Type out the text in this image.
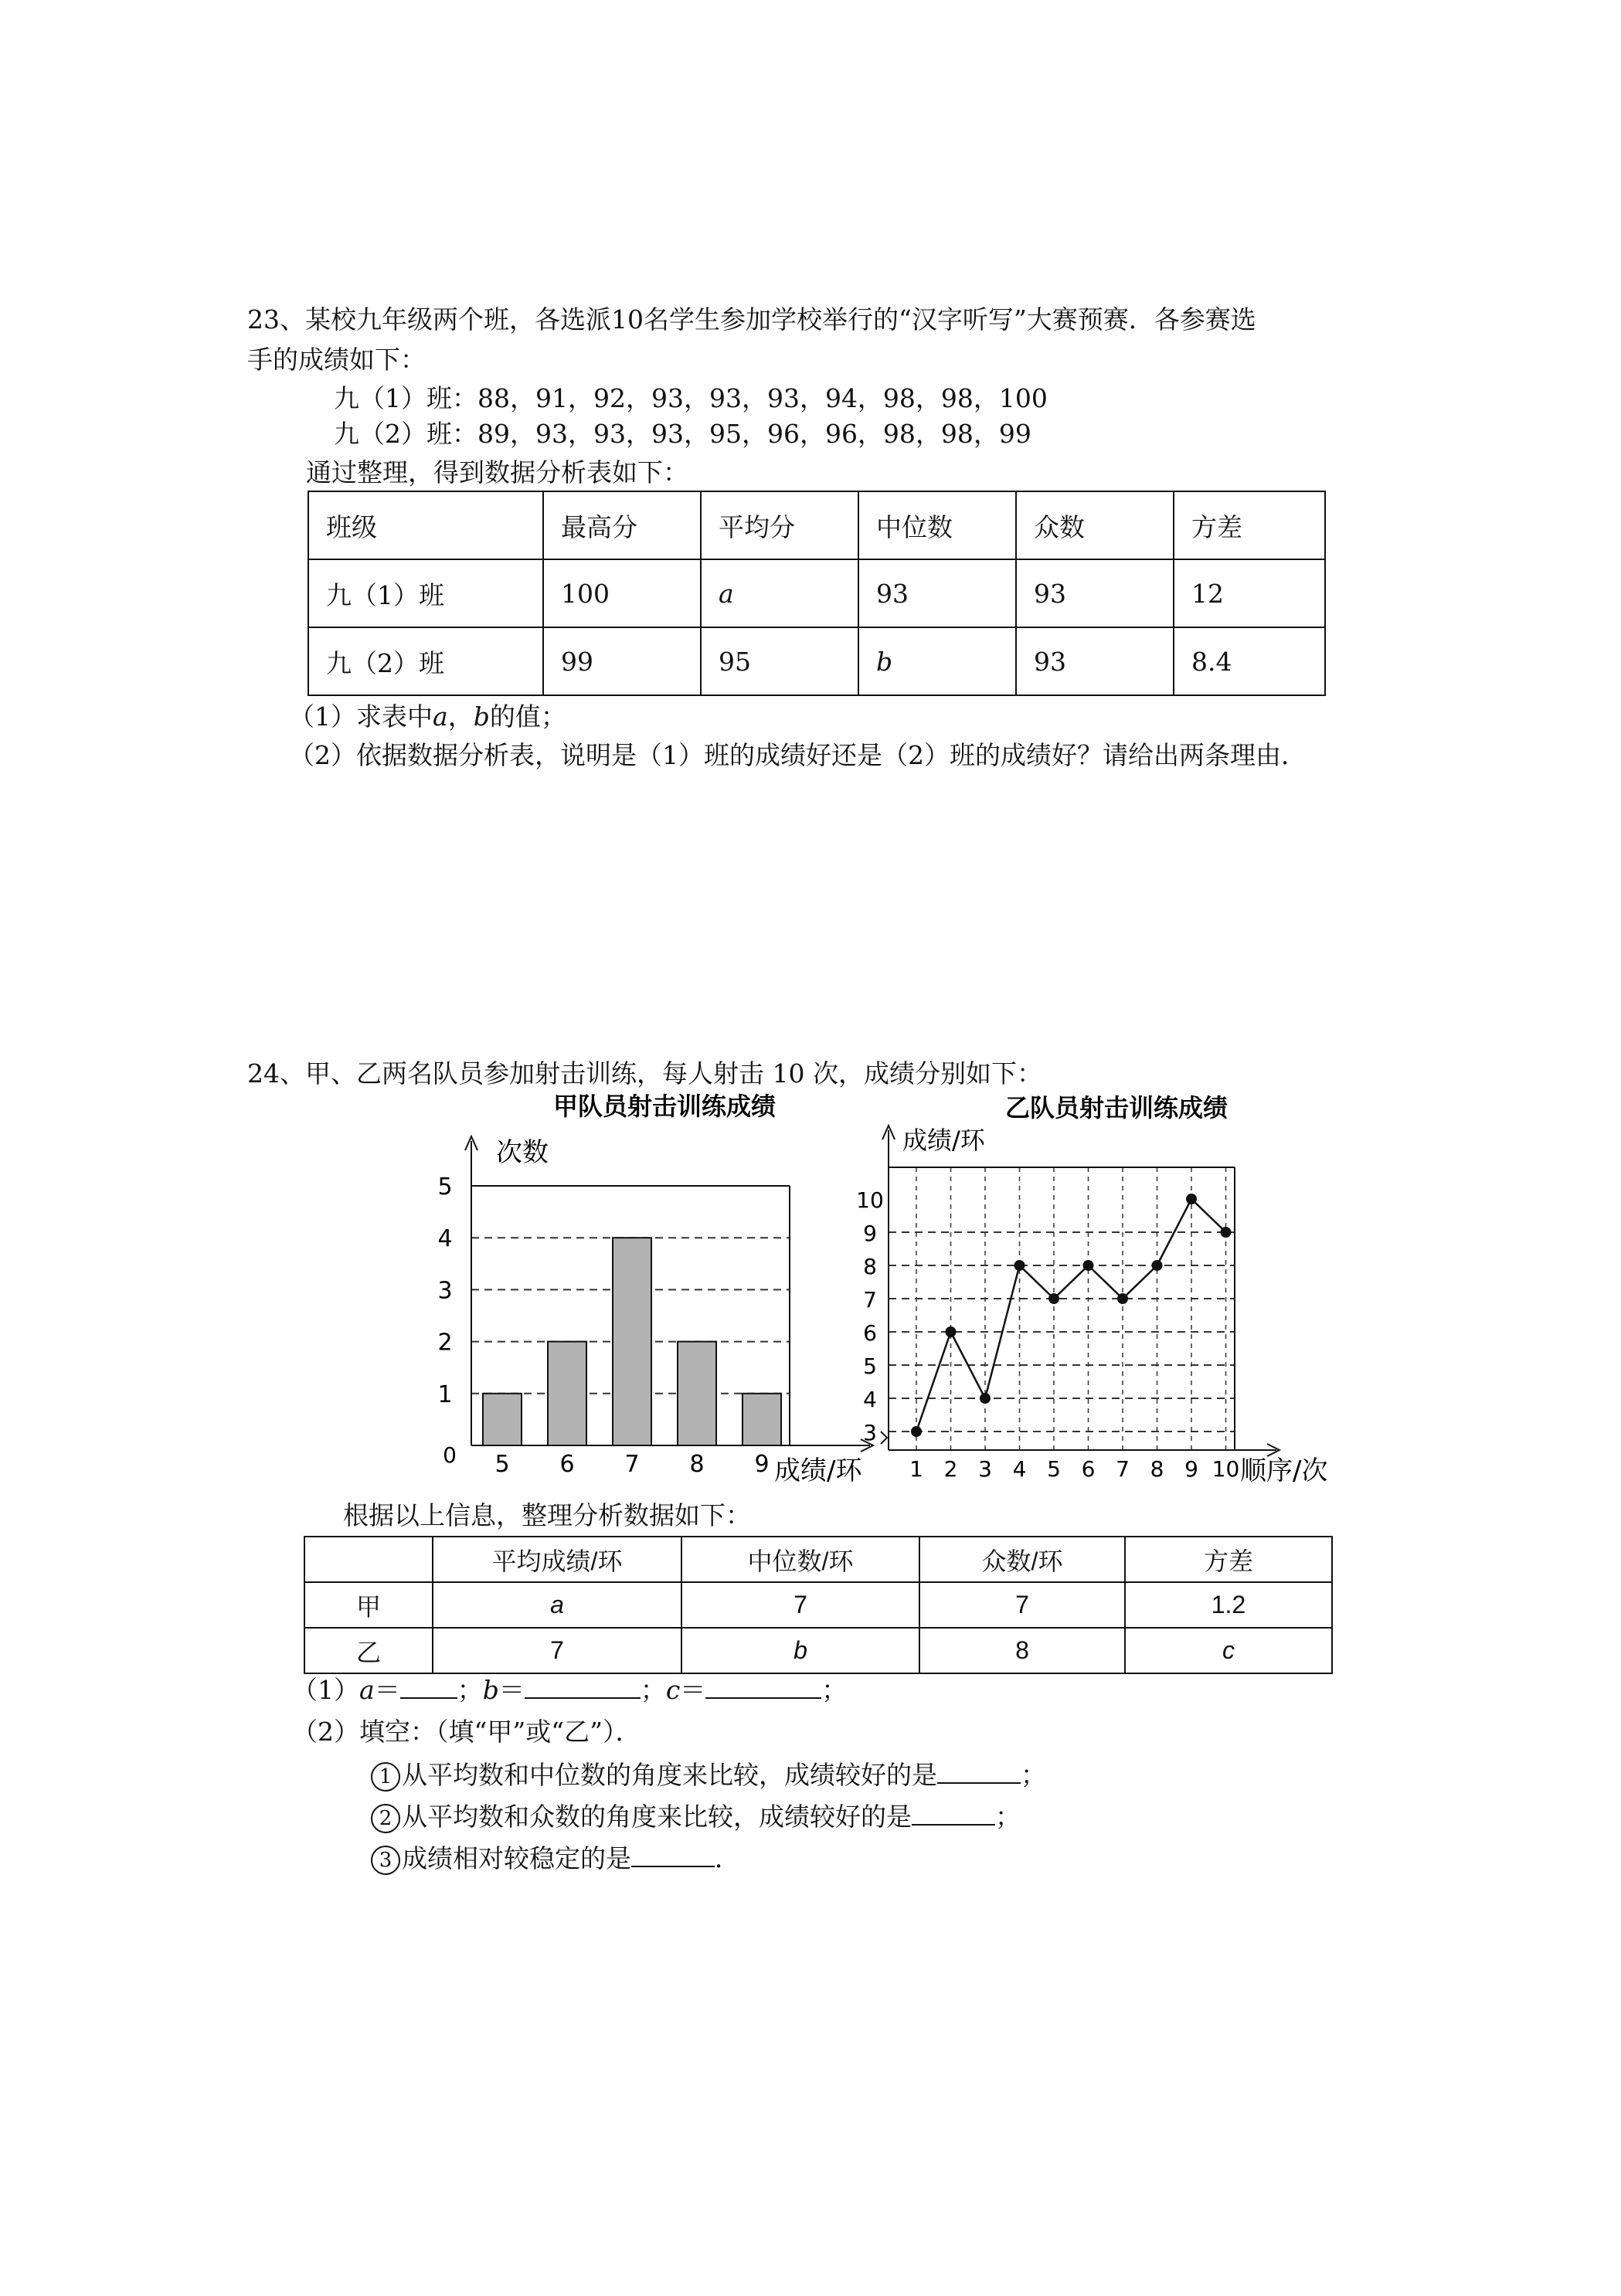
23、某校九年级两个班，各选派10名学生参加学校举行的“汉字听写”大赛预赛．各参赛选
手的成绩如下：
九（1）班：88，91，92，93，93，93，94，98，98，100
九（2）班：89，93，93，93，95，96，96，98，98，99
通过整理，得到数据分析表如下：
班级	最高分	平均分	中位数	众数	方差
九（1）班	100	a	93	93	12
九（2）班	99	95	b	93	8.4
（1）求表中a，b的值；
（2）依据数据分析表，说明是（1）班的成绩好还是（2）班的成绩好？请给出两条理由．
24、甲、乙两名队员参加射击训练，每人射击 10 次，成绩分别如下：
甲队员射击训练成绩
次数
成绩/环
0
1
2
3
4
5
5 6 7 8 9
乙队员射击训练成绩
成绩/环
顺序/次
3
4
5
6
7
8
9
10
1 2 3 4 5 6 7 8 9 10
根据以上信息，整理分析数据如下：
	平均成绩/环	中位数/环	众数/环	方差
甲	a	7	7	1.2
乙	7	b	8	c
（1）a＝ ；b＝	；c＝	；
（2）填空：（填“甲”或“乙”）．
1 从平均数和中位数的角度来比较，成绩较好的是	；
2 从平均数和众数的角度来比较，成绩较好的是	；
3 成绩相对较稳定的是	．
